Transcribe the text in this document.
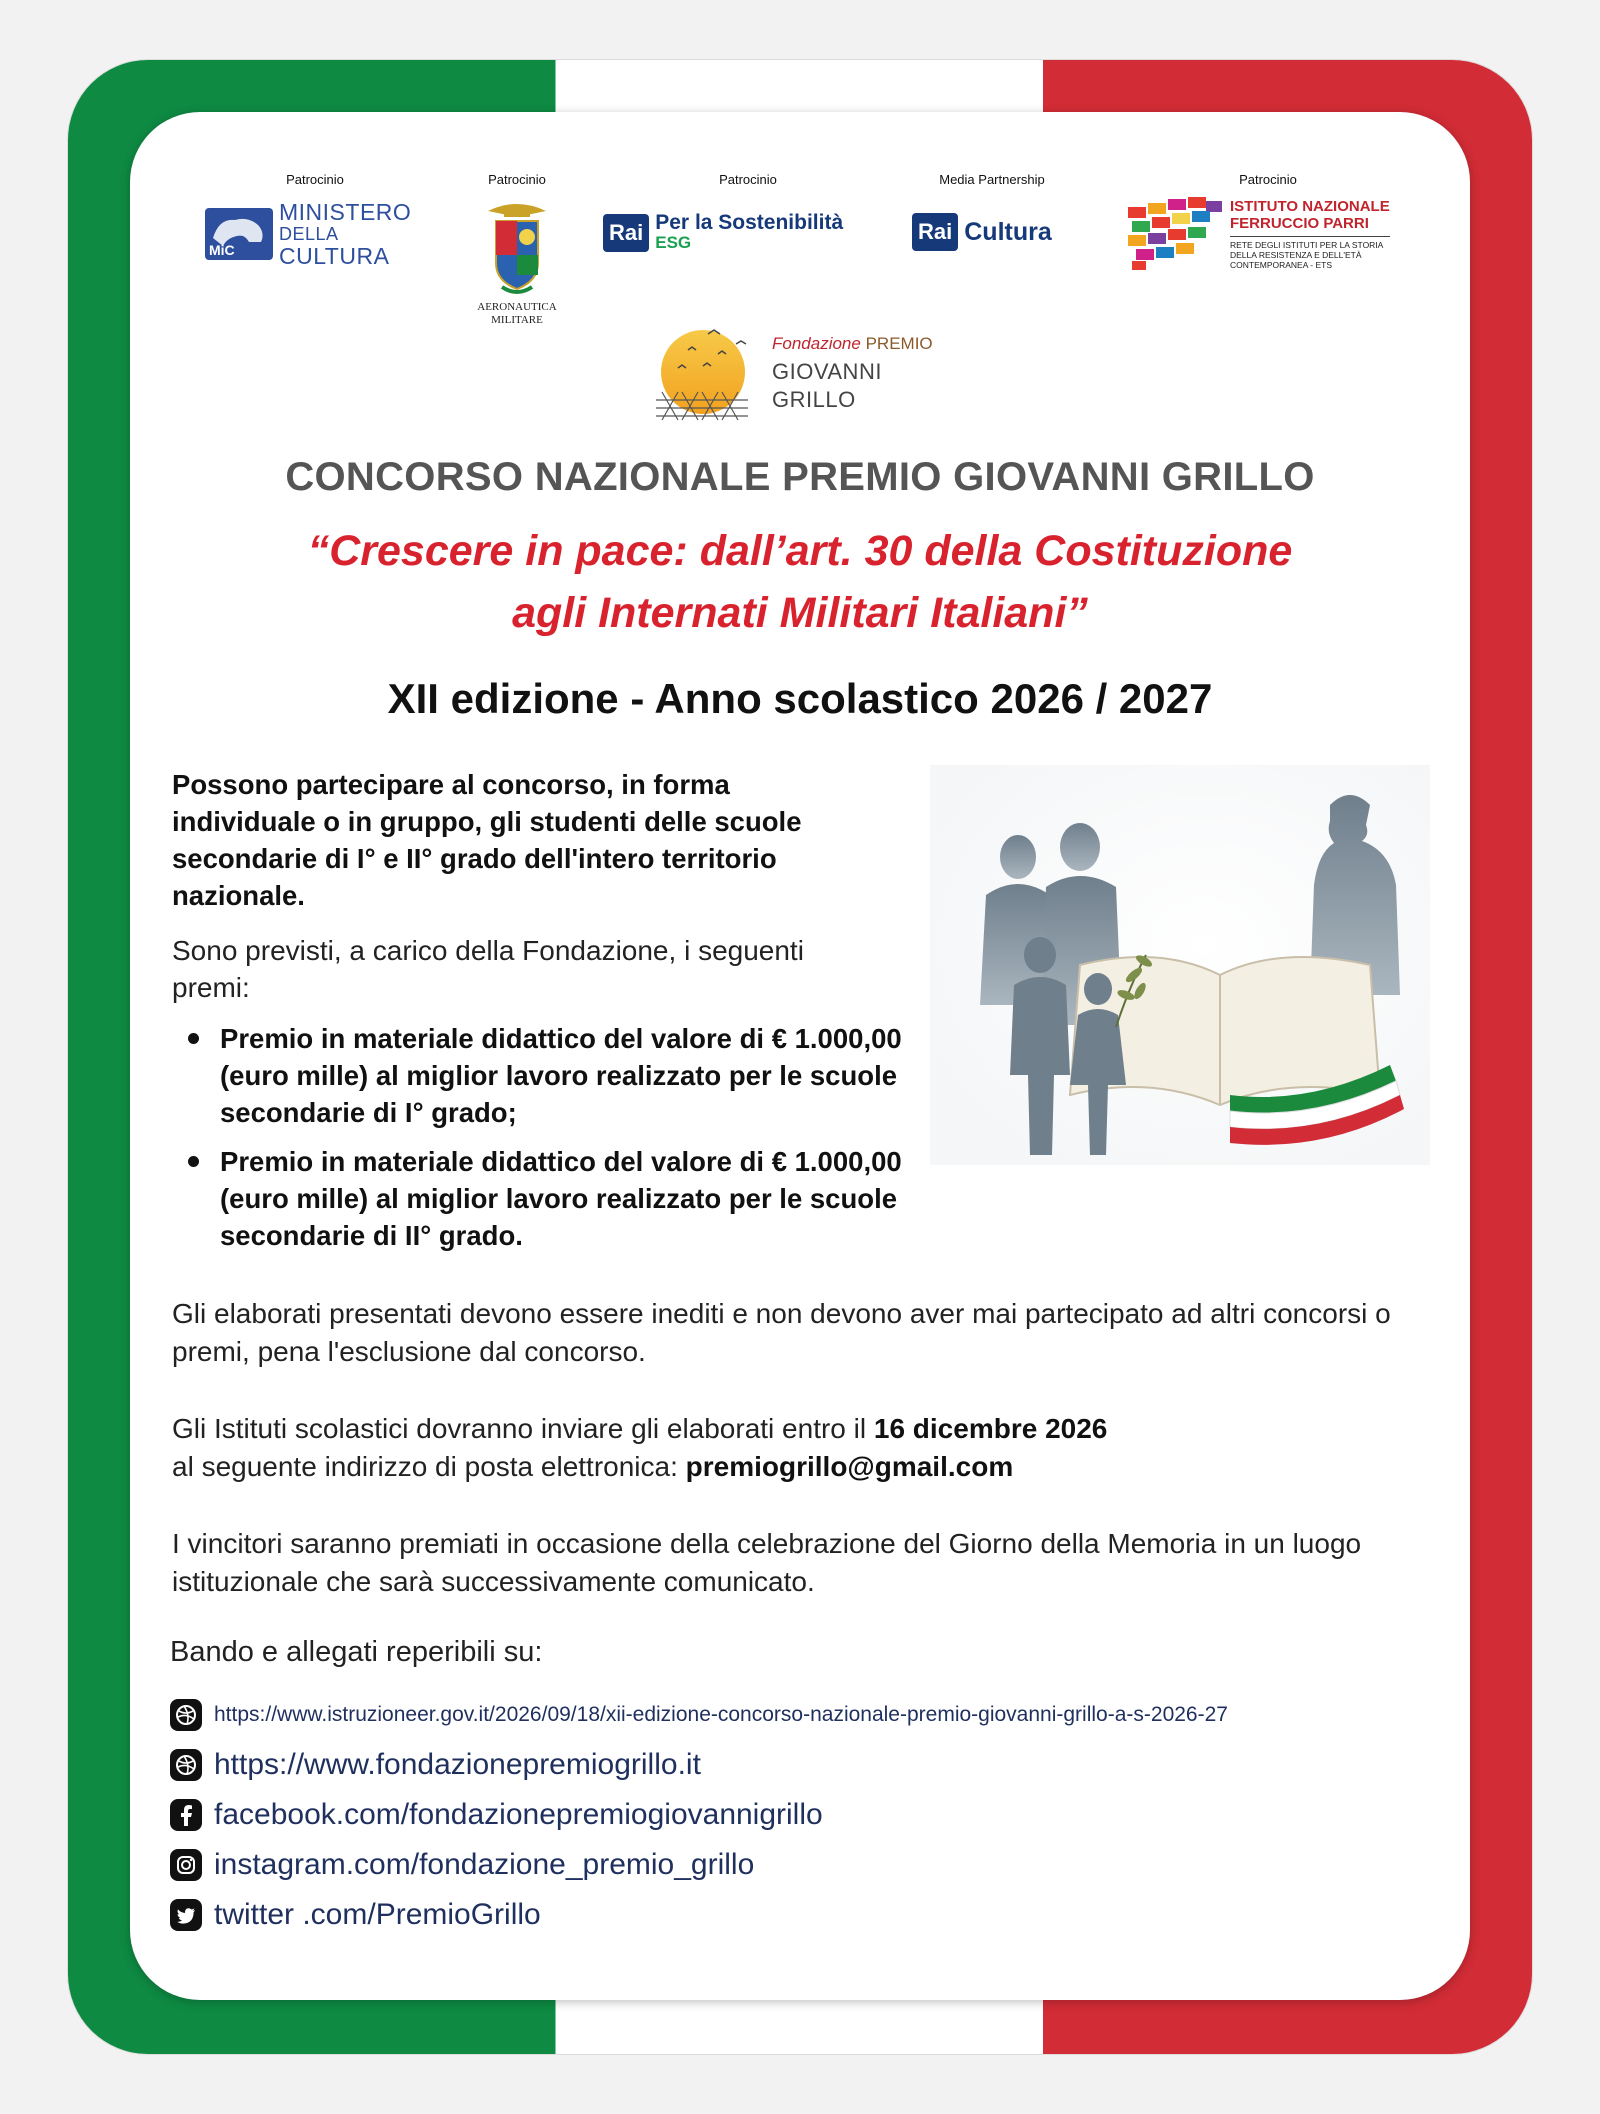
Patrocinio
MiC
MINISTERO
DELLA
CULTURA
Patrocinio
AERONAUTICA
MILITARE
Patrocinio
Rai Per la Sostenibilità
ESG
Media Partnership
Rai Cultura
Patrocinio
ISTITUTO NAZIONALE
FERRUCCIO PARRI
RETE DEGLI ISTITUTI PER LA STORIA
DELLA RESISTENZA E DELL'ETÀ
CONTEMPORANEA - ETS
Fondazione PREMIO
GIOVANNI GRILLO
CONCORSO NAZIONALE PREMIO GIOVANNI GRILLO
“Crescere in pace: dall’art. 30 della Costituzione
agli Internati Militari Italiani”
XII edizione - Anno scolastico 2026 / 2027
Possono partecipare al concorso, in forma individuale o in gruppo, gli studenti delle scuole secondarie di I° e II° grado dell'intero territorio nazionale.
Sono previsti, a carico della Fondazione, i seguenti premi:
Premio in materiale didattico del valore di € 1.000,00 (euro mille) al miglior lavoro realizzato per le scuole secondarie di I° grado;
Premio in materiale didattico del valore di € 1.000,00 (euro mille) al miglior lavoro realizzato per le scuole secondarie di II° grado.
Gli elaborati presentati devono essere inediti e non devono aver mai partecipato ad altri concorsi o premi, pena l'esclusione dal concorso.
Gli Istituti scolastici dovranno inviare gli elaborati entro il 16 dicembre 2026
al seguente indirizzo di posta elettronica: premiogrillo@gmail.com
I vincitori saranno premiati in occasione della celebrazione del Giorno della Memoria in un luogo istituzionale che sarà successivamente comunicato.
Bando e allegati reperibili su:
https://www.istruzioneer.gov.it/2026/09/18/xii-edizione-concorso-nazionale-premio-giovanni-grillo-a-s-2026-27
https://www.fondazionepremiogrillo.it
facebook.com/fondazionepremiogiovannigrillo
instagram.com/fondazione_premio_grillo
twitter .com/PremioGrillo
